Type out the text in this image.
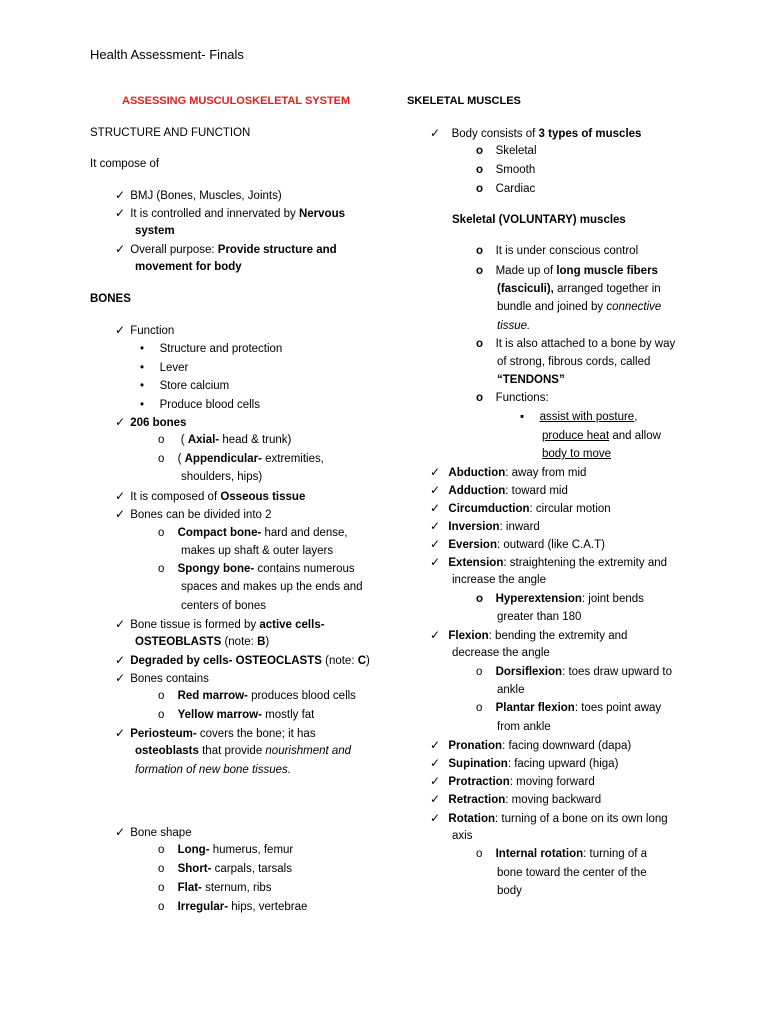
Health Assessment- Finals
ASSESSING MUSCULOSKELETAL SYSTEM	SKELETAL MUSCLES
STRUCTURE AND FUNCTION
It compose of
✓ BMJ (Bones, Muscles, Joints)
✓ It is controlled and innervated by Nervous
system
✓ Overall purpose: Provide structure and
movement for body
BONES
✓ Function
• Structure and protection
• Lever
• Store calcium
• Produce blood cells
✓ 206 bones
o ( Axial- head & trunk)
o ( Appendicular- extremities,
shoulders, hips)
✓ It is composed of Osseous tissue
✓ Bones can be divided into 2
o Compact bone- hard and dense,
makes up shaft & outer layers
o Spongy bone- contains numerous
spaces and makes up the ends and
centers of bones
✓ Bone tissue is formed by active cells-
OSTEOBLASTS (note: B)
✓ Degraded by cells- OSTEOCLASTS (note: C)
✓ Bones contains
o Red marrow- produces blood cells
o Yellow marrow- mostly fat
✓ Periosteum- covers the bone; it has
osteoblasts that provide nourishment and
formation of new bone tissues.
✓ Bone shape
o Long- humerus, femur
o Short- carpals, tarsals
o Flat- sternum, ribs
o Irregular- hips, vertebrae
✓ Body consists of 3 types of muscles
o Skeletal
o Smooth
o Cardiac
Skeletal (VOLUNTARY) muscles
o It is under conscious control
o Made up of long muscle fibers
(fasciculi), arranged together in
bundle and joined by connective
tissue.
o It is also attached to a bone by way
of strong, fibrous cords, called
“TENDONS”
o Functions:
▪ assist with posture,
produce heat and allow
body to move
✓ Abduction: away from mid
✓ Adduction: toward mid
✓ Circumduction: circular motion
✓ Inversion: inward
✓ Eversion: outward (like C.A.T)
✓ Extension: straightening the extremity and
increase the angle
o Hyperextension: joint bends
greater than 180
✓ Flexion: bending the extremity and
decrease the angle
o Dorsiflexion: toes draw upward to
ankle
o Plantar flexion: toes point away
from ankle
✓ Pronation: facing downward (dapa)
✓ Supination: facing upward (higa)
✓ Protraction: moving forward
✓ Retraction: moving backward
✓ Rotation: turning of a bone on its own long
axis
o Internal rotation: turning of a
bone toward the center of the
body
